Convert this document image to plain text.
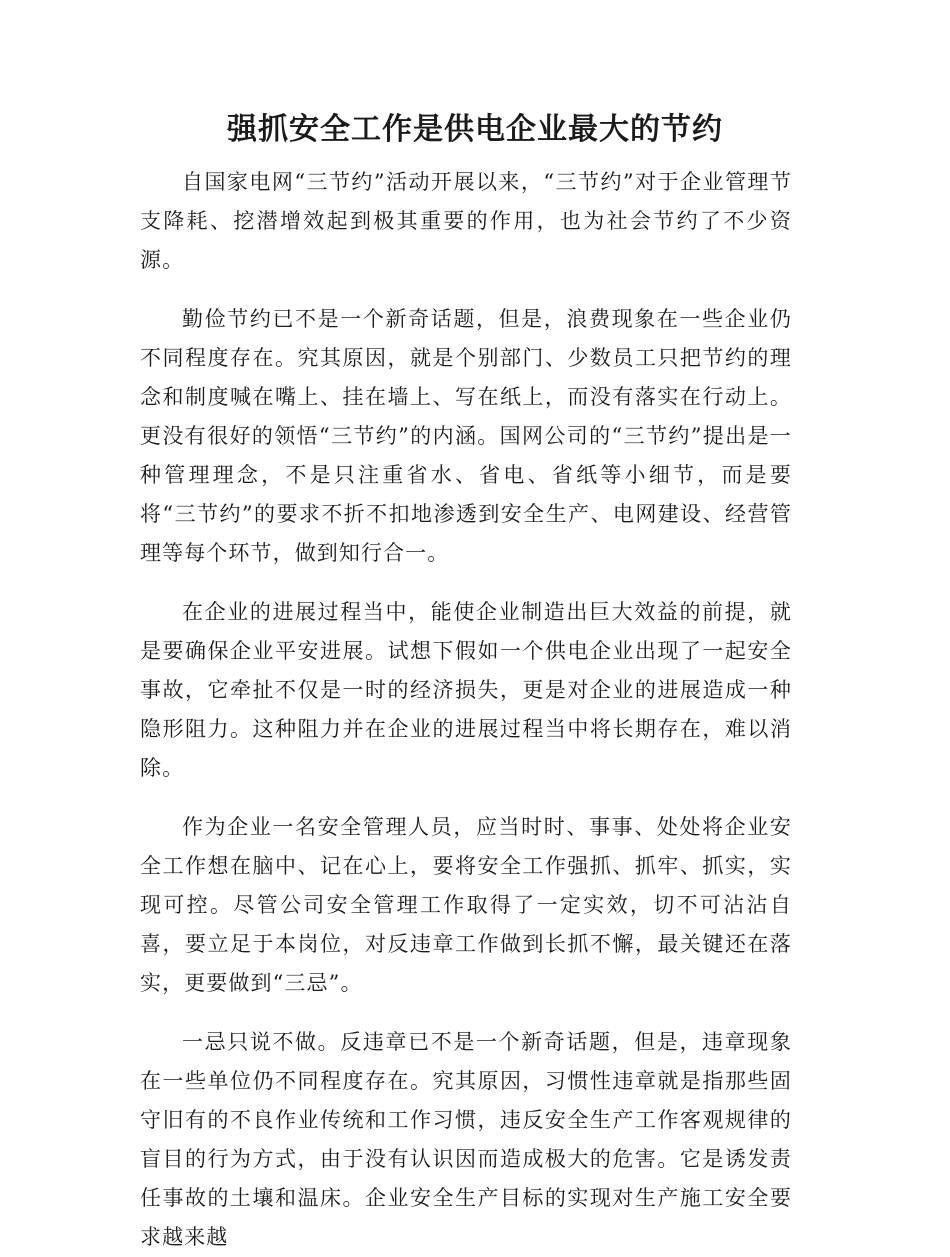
强抓安全工作是供电企业最大的节约

自国家电网“三节约”活动开展以来，“三节约”对于企业管理节支降耗、挖潜增效起到极其重要的作用，也为社会节约了不少资源。

勤俭节约已不是一个新奇话题，但是，浪费现象在一些企业仍不同程度存在。究其原因，就是个别部门、少数员工只把节约的理念和制度喊在嘴上、挂在墙上、写在纸上，而没有落实在行动上。更没有很好的领悟“三节约”的内涵。国网公司的“三节约”提出是一种管理理念，不是只注重省水、省电、省纸等小细节，而是要将“三节约”的要求不折不扣地渗透到安全生产、电网建设、经营管理等每个环节，做到知行合一。

在企业的进展过程当中，能使企业制造出巨大效益的前提，就是要确保企业平安进展。试想下假如一个供电企业出现了一起安全事故，它牵扯不仅是一时的经济损失，更是对企业的进展造成一种隐形阻力。这种阻力并在企业的进展过程当中将长期存在，难以消除。

作为企业一名安全管理人员，应当时时、事事、处处将企业安全工作想在脑中、记在心上，要将安全工作强抓、抓牢、抓实，实现可控。尽管公司安全管理工作取得了一定实效，切不可沾沾自喜，要立足于本岗位，对反违章工作做到长抓不懈，最关键还在落实，更要做到“三忌”。

一忌只说不做。反违章已不是一个新奇话题，但是，违章现象在一些单位仍不同程度存在。究其原因，习惯性违章就是指那些固守旧有的不良作业传统和工作习惯，违反安全生产工作客观规律的盲目的行为方式，由于没有认识因而造成极大的危害。它是诱发责任事故的土壤和温床。企业安全生产目标的实现对生产施工安全要求越来越
